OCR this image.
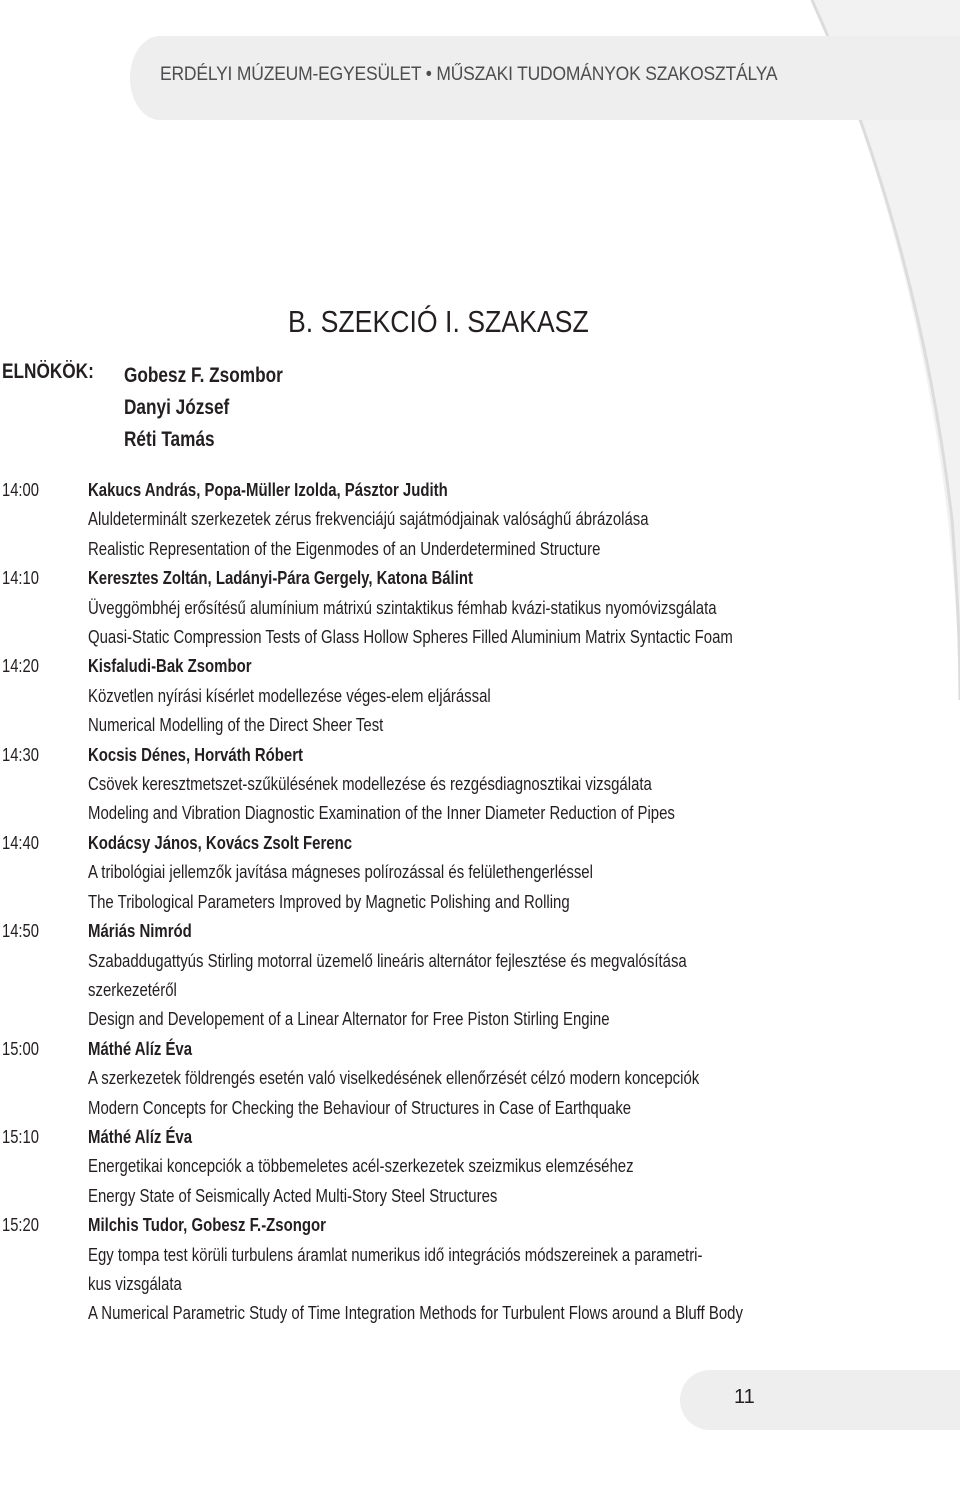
ERDÉLYI MÚZEUM-EGYESÜLET • MŰSZAKI TUDOMÁNYOK SZAKOSZTÁLYA
B. SZEKCIÓ I. SZAKASZ
ELNÖKÖK: Gobesz F. Zsombor
Danyi József
Réti Tamás
14:00	Kakucs András, Popa-Müller Izolda, Pásztor Judith
Aluldeterminált szerkezetek zérus frekvenciájú sajátmódjainak valósághű ábrázolása
Realistic Representation of the Eigenmodes of an Underdetermined Structure
14:10	Keresztes Zoltán, Ladányi-Pára Gergely, Katona Bálint
Üveggömbhéj erősítésű alumínium mátrixú szintaktikus fémhab kvázi-statikus nyomóvizsgálata
Quasi-Static Compression Tests of Glass Hollow Spheres Filled Aluminium Matrix Syntactic Foam
14:20	Kisfaludi-Bak Zsombor
Közvetlen nyírási kísérlet modellezése véges-elem eljárással
Numerical Modelling of the Direct Sheer Test
14:30	Kocsis Dénes, Horváth Róbert
Csövek keresztmetszet-szűkülésének modellezése és rezgésdiagnosztikai vizsgálata
Modeling and Vibration Diagnostic Examination of the Inner Diameter Reduction of Pipes
14:40	Kodácsy János, Kovács Zsolt Ferenc
A tribológiai jellemzők javítása mágneses polírozással és felülethengerléssel
The Tribological Parameters Improved by Magnetic Polishing and Rolling
14:50	Máriás Nimród
Szabaddugattyús Stirling motorral üzemelő lineáris alternátor fejlesztése és megvalósítása
szerkezetéről
Design and Developement of a Linear Alternator for Free Piston Stirling Engine
15:00	Máthé Alíz Éva
A szerkezetek földrengés esetén való viselkedésének ellenőrzését célzó modern koncepciók
Modern Concepts for Checking the Behaviour of Structures in Case of Earthquake
15:10	Máthé Alíz Éva
Energetikai koncepciók a többemeletes acél-szerkezetek szeizmikus elemzéséhez
Energy State of Seismically Acted Multi-Story Steel Structures
15:20	Milchis Tudor, Gobesz F.-Zsongor
Egy tompa test körüli turbulens áramlat numerikus idő integrációs módszereinek a parametri-
kus vizsgálata
A Numerical Parametric Study of Time Integration Methods for Turbulent Flows around a Bluff Body
11
